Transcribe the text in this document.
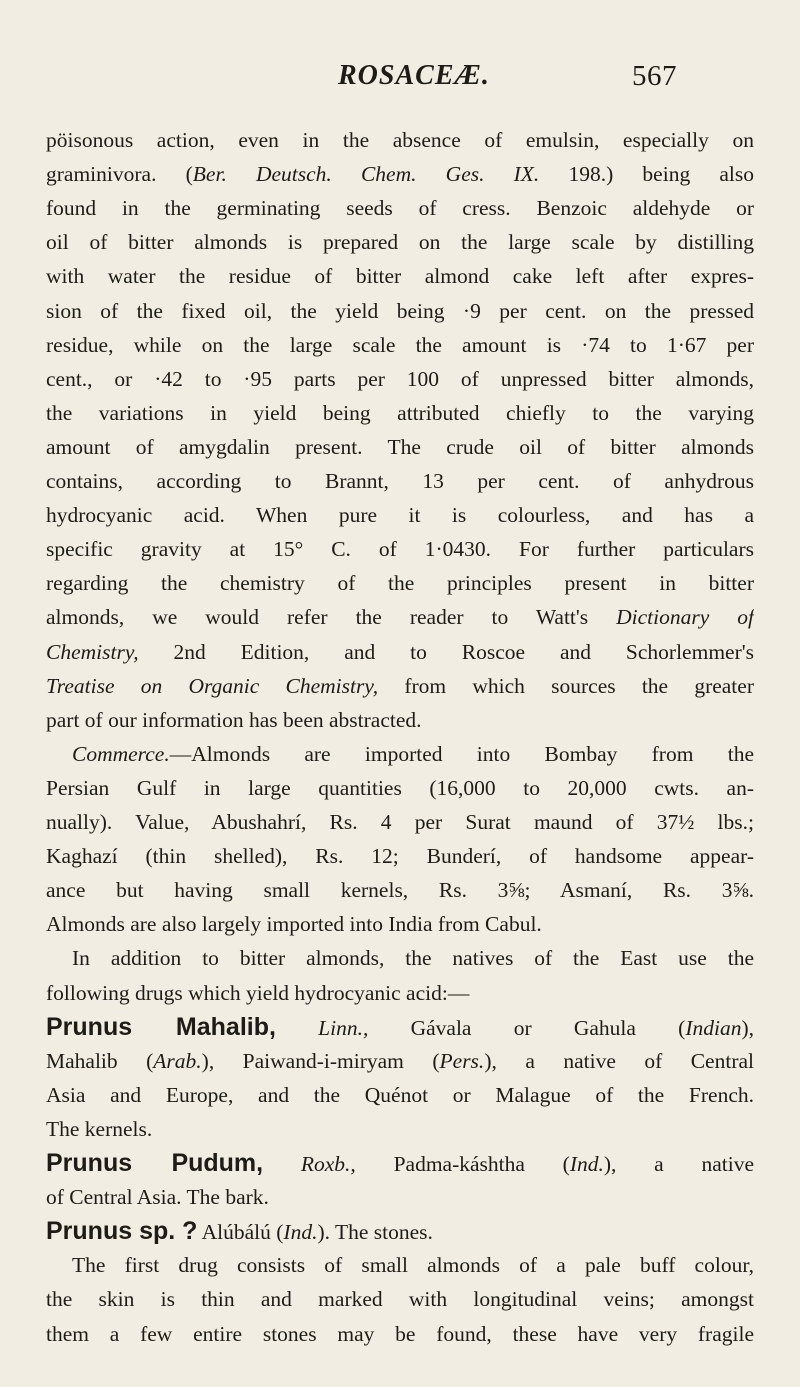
ROSACEÆ.	567
pöisonous action, even in the absence of emulsin, especially on
graminivora. (Ber. Deutsch. Chem. Ges. IX. 198.) being also
found in the germinating seeds of cress. Benzoic aldehyde or
oil of bitter almonds is prepared on the large scale by distilling
with water the residue of bitter almond cake left after expres-
sion of the fixed oil, the yield being ·9 per cent. on the pressed
residue, while on the large scale the amount is ·74 to 1·67 per
cent., or ·42 to ·95 parts per 100 of unpressed bitter almonds,
the variations in yield being attributed chiefly to the varying
amount of amygdalin present. The crude oil of bitter almonds
contains, according to Brannt, 13 per cent. of anhydrous
hydrocyanic acid. When pure it is colourless, and has a
specific gravity at 15° C. of 1·0430. For further particulars
regarding the chemistry of the principles present in bitter
almonds, we would refer the reader to Watt's Dictionary of
Chemistry, 2nd Edition, and to Roscoe and Schorlemmer's
Treatise on Organic Chemistry, from which sources the greater
part of our information has been abstracted.
Commerce.—Almonds are imported into Bombay from the
Persian Gulf in large quantities (16,000 to 20,000 cwts. an-
nually). Value, Abushahrí, Rs. 4 per Surat maund of 37½ lbs.;
Kaghazí (thin shelled), Rs. 12; Bunderí, of handsome appear-
ance but having small kernels, Rs. 3⅝; Asmaní, Rs. 3⅝.
Almonds are also largely imported into India from Cabul.
In addition to bitter almonds, the natives of the East use the
following drugs which yield hydrocyanic acid:—
Prunus Mahalib, Linn., Gávala or Gahula (Indian),
Mahalib (Arab.), Paiwand-i-miryam (Pers.), a native of Central
Asia and Europe, and the Quénot or Malague of the French.
The kernels.
Prunus Pudum, Roxb., Padma-káshtha (Ind.), a native
of Central Asia. The bark.
Prunus sp. ? Alúbálú (Ind.). The stones.
The first drug consists of small almonds of a pale buff colour,
the skin is thin and marked with longitudinal veins; amongst
them a few entire stones may be found, these have very fragile
